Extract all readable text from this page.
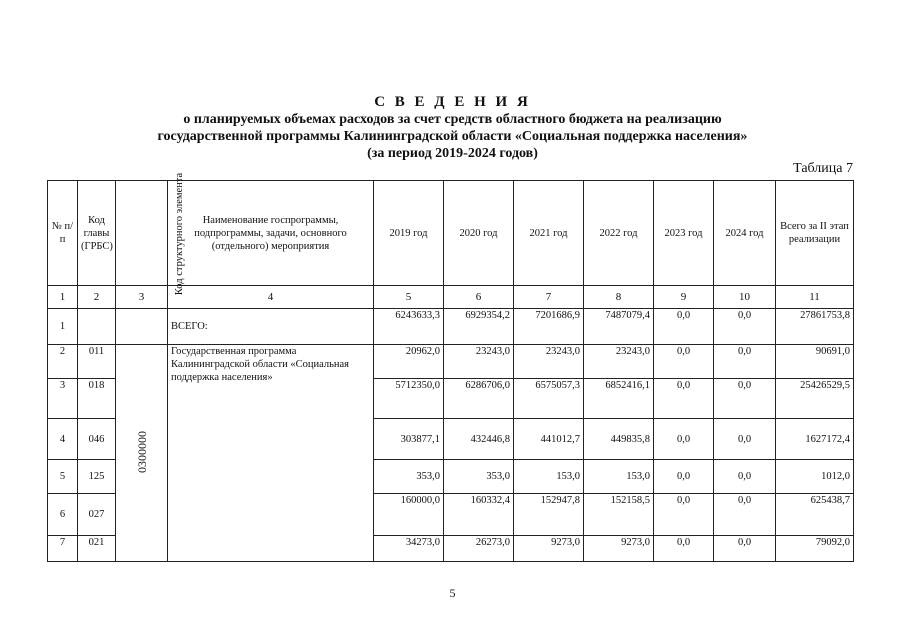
С В Е Д Е Н И Я
о планируемых объемах расходов за счет средств областного бюджета на реализацию
государственной программы Калининградской области «Социальная поддержка населения»
(за период 2019-2024 годов)
Таблица 7
№ п/п	Код главы (ГРБС)	Код структурного элемента	Наименование госпрограммы, подпрограммы, задачи, основного (отдельного) мероприятия	2019 год	2020 год	2021 год	2022 год	2023 год	2024 год	Всего за II этап реализации
1	2	3	4	5	6	7	8	9	10	11
1			ВСЕГО:	6243633,3	6929354,2	7201686,9	7487079,4	0,0	0,0	27861753,8
2	011	0300000	Государственная программа Калининградской области «Социальная поддержка населения»	20962,0	23243,0	23243,0	23243,0	0,0	0,0	90691,0
3	018			5712350,0	6286706,0	6575057,3	6852416,1	0,0	0,0	25426529,5
4	046			303877,1	432446,8	441012,7	449835,8	0,0	0,0	1627172,4
5	125			353,0	353,0	153,0	153,0	0,0	0,0	1012,0
6	027			160000,0	160332,4	152947,8	152158,5	0,0	0,0	625438,7
7	021			34273,0	26273,0	9273,0	9273,0	0,0	0,0	79092,0
5
